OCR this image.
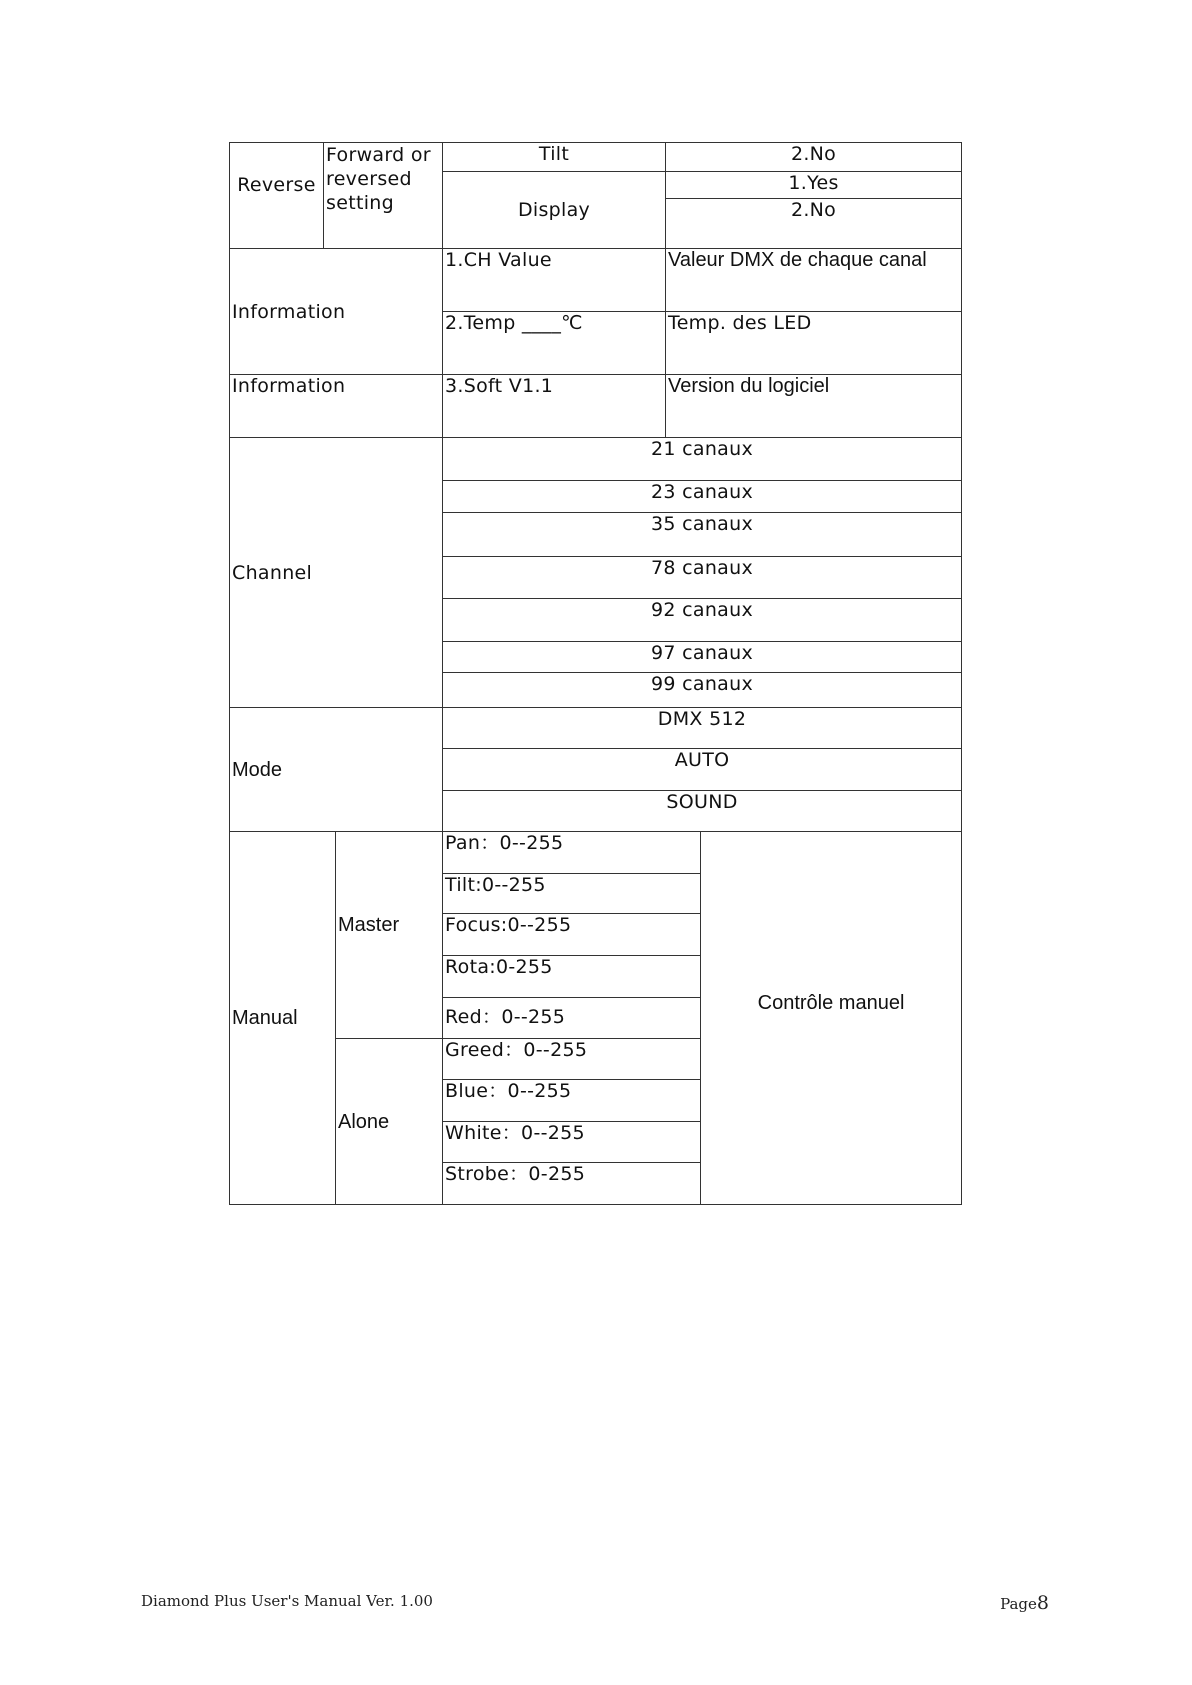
Reverse	Forward or reversed setting		Tilt	2.No	
			Display	1.Yes	
				2.No	
Information			1.CH Value	Valeur DMX de chaque canal	
			2.Temp ____℃	Temp. des LED	
Information			3.Soft V1.1	Version du logiciel	
Channel			21 canaux		
			23 canaux		
			35 canaux		
			78 canaux		
			92 canaux		
			97 canaux		
			99 canaux		
Mode			DMX 512		
			AUTO		
			SOUND		
Manual		Master	Pan：0--255		Contrôle manuel
			Tilt:0--255		
			Focus:0--255		
			Rota:0-255		
			Red：0--255		
		Alone	Greed：0--255		
			Blue：0--255		
			White：0--255		
			Strobe：0-255		
Diamond Plus User's Manual Ver. 1.00	Page8
